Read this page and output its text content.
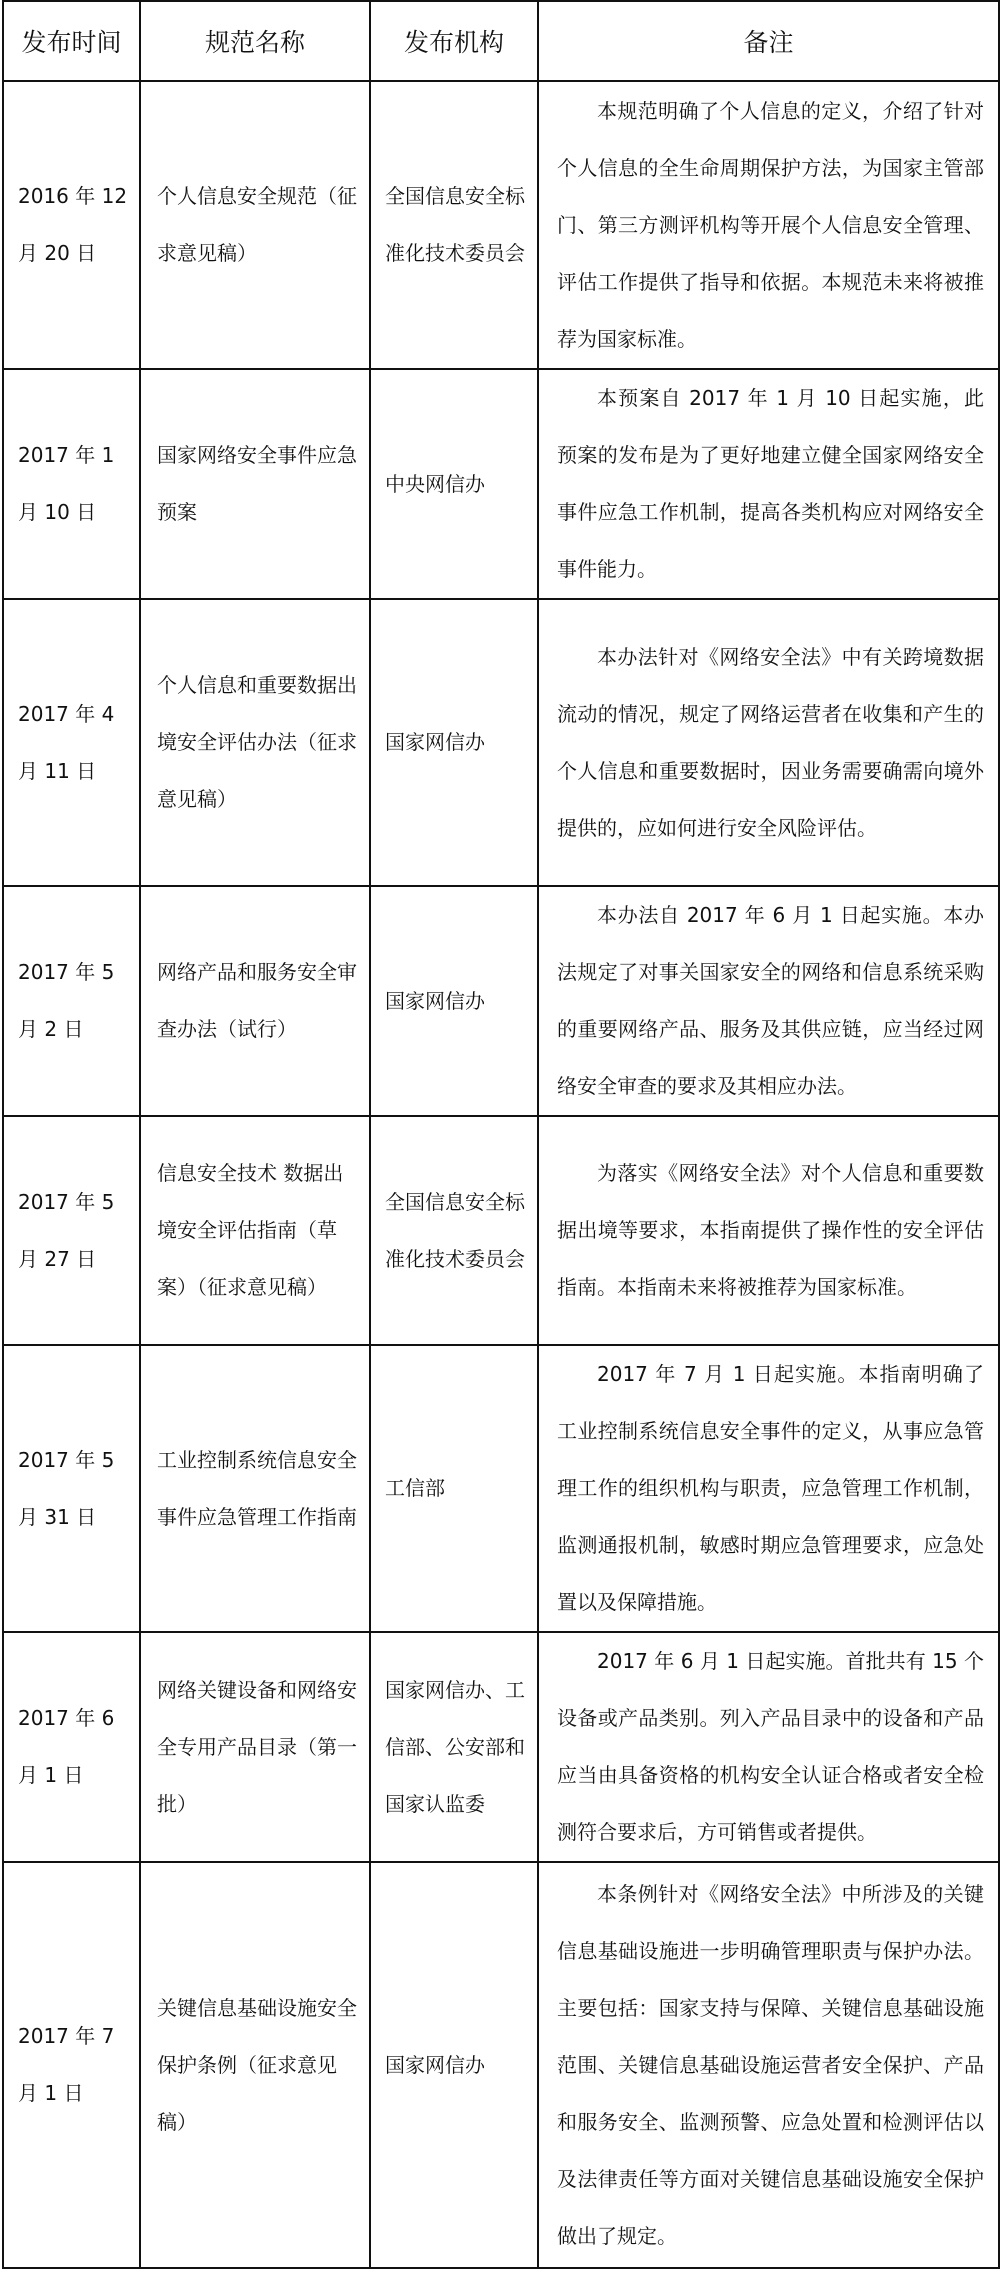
发布时间	规范名称	发布机构	备注
2016 年 12 月 20 日	个人信息安全规范（征求意见稿）	全国信息安全标准化技术委员会	本规范明确了个人信息的定义，介绍了针对个人信息的全生命周期保护方法，为国家主管部门、第三方测评机构等开展个人信息安全管理、评估工作提供了指导和依据。本规范未来将被推荐为国家标准。

2017 年 1 月 10 日	国家网络安全事件应急预案	中央网信办	本预案自 2017 年 1 月 10 日起实施，此预案的发布是为了更好地建立健全国家网络安全事件应急工作机制，提高各类机构应对网络安全事件能力。

2017 年 4 月 11 日	个人信息和重要数据出境安全评估办法（征求意见稿）	国家网信办	本办法针对《网络安全法》中有关跨境数据流动的情况，规定了网络运营者在收集和产生的个人信息和重要数据时，因业务需要确需向境外提供的，应如何进行安全风险评估。

2017 年 5 月 2 日	网络产品和服务安全审查办法（试行）	国家网信办	本办法自 2017 年 6 月 1 日起实施。本办法规定了对事关国家安全的网络和信息系统采购的重要网络产品、服务及其供应链，应当经过网络安全审查的要求及其相应办法。

2017 年 5 月 27 日	信息安全技术 数据出境安全评估指南（草案）（征求意见稿）	全国信息安全标准化技术委员会	为落实《网络安全法》对个人信息和重要数据出境等要求，本指南提供了操作性的安全评估指南。本指南未来将被推荐为国家标准。

2017 年 5 月 31 日	工业控制系统信息安全事件应急管理工作指南	工信部	2017 年 7 月 1 日起实施。本指南明确了工业控制系统信息安全事件的定义，从事应急管理工作的组织机构与职责，应急管理工作机制，监测通报机制，敏感时期应急管理要求，应急处置以及保障措施。

2017 年 6 月 1 日	网络关键设备和网络安全专用产品目录（第一批）	国家网信办、工信部、公安部和国家认监委	2017 年 6 月 1 日起实施。首批共有 15 个设备或产品类别。列入产品目录中的设备和产品应当由具备资格的机构安全认证合格或者安全检测符合要求后，方可销售或者提供。

2017 年 7 月 1 日	关键信息基础设施安全保护条例（征求意见稿）	国家网信办	本条例针对《网络安全法》中所涉及的关键信息基础设施进一步明确管理职责与保护办法。主要包括：国家支持与保障、关键信息基础设施范围、关键信息基础设施运营者安全保护、产品和服务安全、监测预警、应急处置和检测评估以及法律责任等方面对关键信息基础设施安全保护做出了规定。
